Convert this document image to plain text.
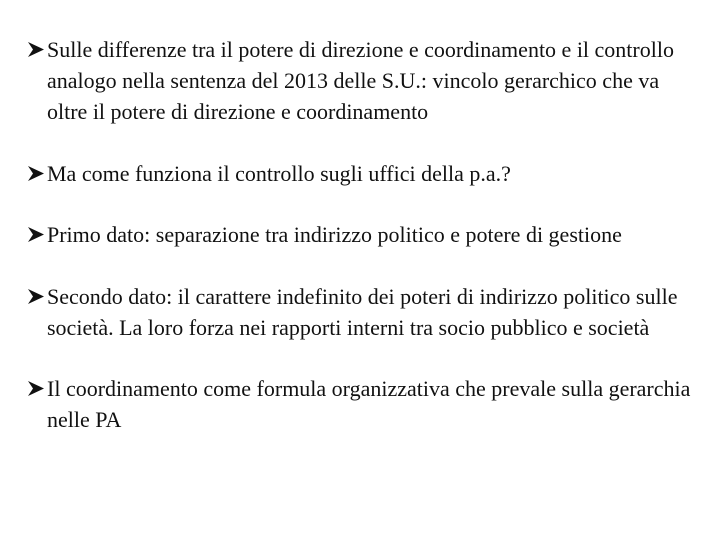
Sulle differenze tra il potere di direzione e coordinamento e il controllo analogo nella sentenza del 2013 delle S.U.: vincolo gerarchico che va oltre il potere di direzione e coordinamento
Ma come funziona il controllo sugli uffici della p.a.?
Primo dato: separazione tra indirizzo politico e potere di gestione
Secondo dato: il carattere indefinito dei poteri di indirizzo politico sulle società. La loro forza nei rapporti interni tra socio pubblico e società
Il coordinamento come formula organizzativa che prevale sulla gerarchia nelle PA
